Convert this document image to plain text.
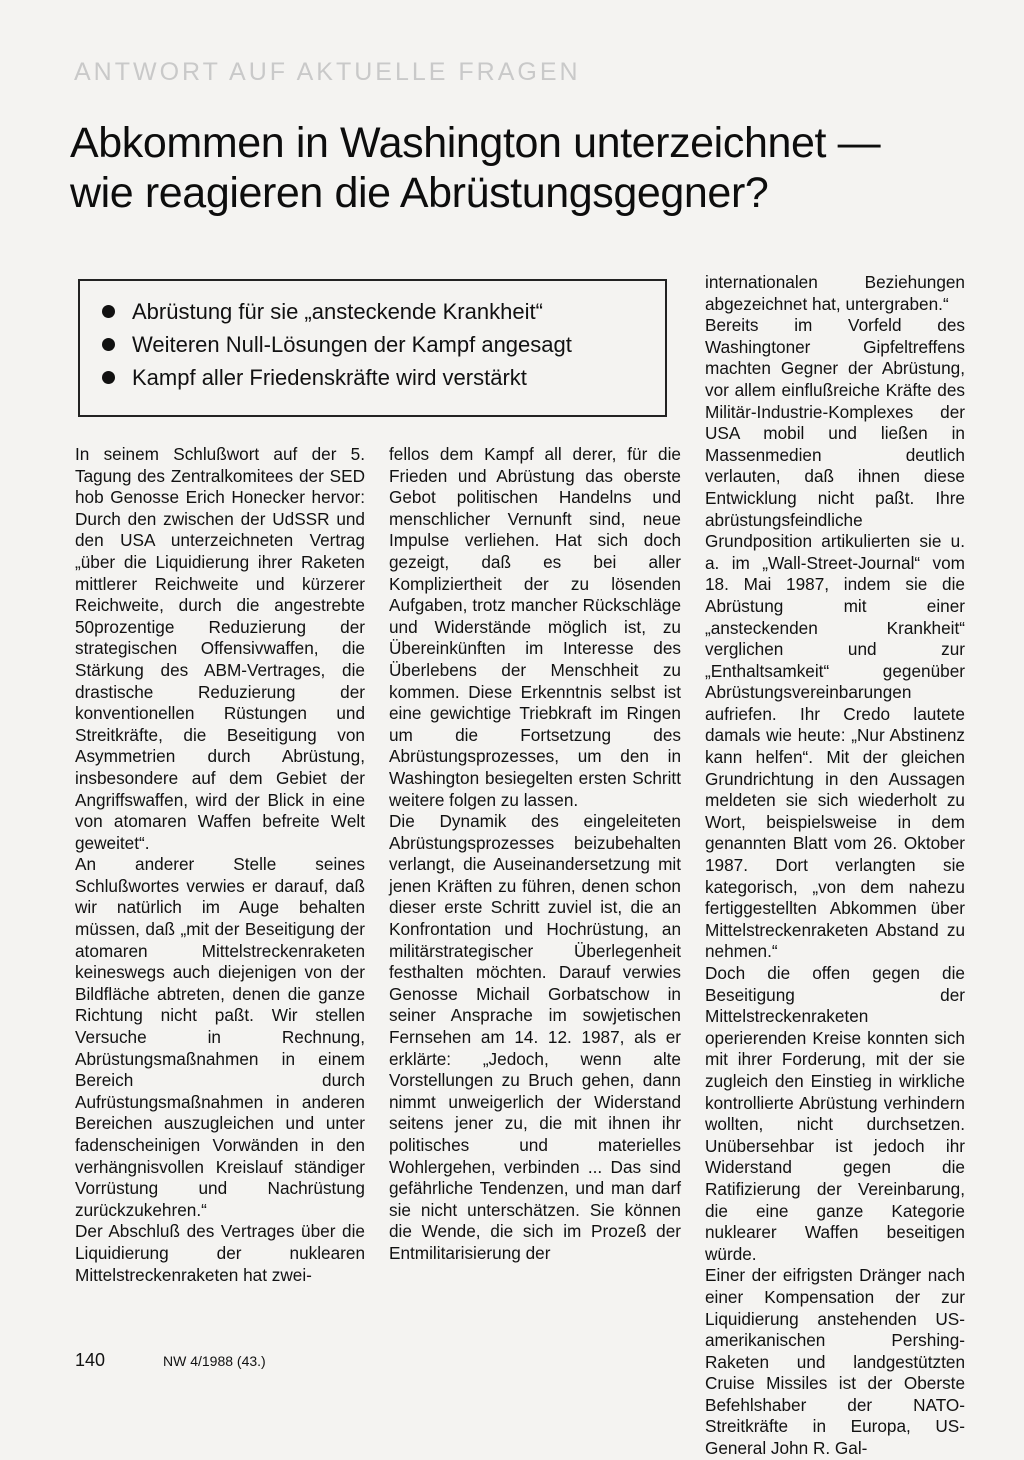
ANTWORT AUF AKTUELLE FRAGEN
Abkommen in Washington unterzeichnet —
wie reagieren die Abrüstungsgegner?
Abrüstung für sie „ansteckende Krankheit“
Weiteren Null-Lösungen der Kampf angesagt
Kampf aller Friedenskräfte wird verstärkt

In seinem Schlußwort auf der 5. Tagung des Zentralkomitees der SED hob Genosse Erich Honecker hervor: Durch den zwischen der UdSSR und den USA unterzeichneten Vertrag „über die Liquidierung ihrer Raketen mittlerer Reichweite und kürzerer Reichweite, durch die angestrebte 50prozentige Reduzierung der strategischen Offensivwaffen, die Stärkung des ABM-Vertrages, die drastische Reduzierung der konventionellen Rüstungen und Streitkräfte, die Beseitigung von Asymmetrien durch Abrüstung, insbesondere auf dem Gebiet der Angriffswaffen, wird der Blick in eine von atomaren Waffen befreite Welt geweitet“.

An anderer Stelle seines Schlußwortes verwies er darauf, daß wir natürlich im Auge behalten müssen, daß „mit der Beseitigung der atomaren Mittelstreckenraketen keineswegs auch diejenigen von der Bildfläche abtreten, denen die ganze Richtung nicht paßt. Wir stellen Versuche in Rechnung, Abrüstungsmaßnahmen in einem Bereich durch Aufrüstungsmaßnahmen in anderen Bereichen auszugleichen und unter fadenscheinigen Vorwänden in den verhängnisvollen Kreislauf ständiger Vorrüstung und Nachrüstung zurückzukehren.“

Der Abschluß des Vertrages über die Liquidierung der nuklearen Mittelstreckenraketen hat zwei-

fellos dem Kampf all derer, für die Frieden und Abrüstung das oberste Gebot politischen Handelns und menschlicher Vernunft sind, neue Impulse verliehen. Hat sich doch gezeigt, daß es bei aller Kompliziertheit der zu lösenden Aufgaben, trotz mancher Rückschläge und Widerstände möglich ist, zu Übereinkünften im Interesse des Überlebens der Menschheit zu kommen. Diese Erkenntnis selbst ist eine gewichtige Triebkraft im Ringen um die Fortsetzung des Abrüstungsprozesses, um den in Washington besiegelten ersten Schritt weitere folgen zu lassen.

Die Dynamik des eingeleiteten Abrüstungsprozesses beizubehalten verlangt, die Auseinandersetzung mit jenen Kräften zu führen, denen schon dieser erste Schritt zuviel ist, die an Konfrontation und Hochrüstung, an militärstrategischer Überlegenheit festhalten möchten. Darauf verwies Genosse Michail Gorbatschow in seiner Ansprache im sowjetischen Fernsehen am 14. 12. 1987, als er erklärte: „Jedoch, wenn alte Vorstellungen zu Bruch gehen, dann nimmt unweigerlich der Widerstand seitens jener zu, die mit ihnen ihr politisches und materielles Wohlergehen, verbinden ... Das sind gefährliche Tendenzen, und man darf sie nicht unterschätzen. Sie können die Wende, die sich im Prozeß der Entmilitarisierung der

internationalen Beziehungen abgezeichnet hat, untergraben.“

Bereits im Vorfeld des Washingtoner Gipfeltreffens machten Gegner der Abrüstung, vor allem einflußreiche Kräfte des Militär-Industrie-Komplexes der USA mobil und ließen in Massenmedien deutlich verlauten, daß ihnen diese Entwicklung nicht paßt. Ihre abrüstungsfeindliche Grundposition artikulierten sie u. a. im „Wall-Street-Journal“ vom 18. Mai 1987, indem sie die Abrüstung mit einer „ansteckenden Krankheit“ verglichen und zur „Enthaltsamkeit“ gegenüber Abrüstungsvereinbarungen aufriefen. Ihr Credo lautete damals wie heute: „Nur Abstinenz kann helfen“. Mit der gleichen Grundrichtung in den Aussagen meldeten sie sich wiederholt zu Wort, beispielsweise in dem genannten Blatt vom 26. Oktober 1987. Dort verlangten sie kategorisch, „von dem nahezu fertiggestellten Abkommen über Mittelstreckenraketen Abstand zu nehmen.“

Doch die offen gegen die Beseitigung der Mittelstreckenraketen operierenden Kreise konnten sich mit ihrer Forderung, mit der sie zugleich den Einstieg in wirkliche kontrollierte Abrüstung verhindern wollten, nicht durchsetzen. Unübersehbar ist jedoch ihr Widerstand gegen die Ratifizierung der Vereinbarung, die eine ganze Kategorie nuklearer Waffen beseitigen würde.

Einer der eifrigsten Dränger nach einer Kompensation der zur Liquidierung anstehenden US-amerikanischen Pershing-Raketen und landgestützten Cruise Missiles ist der Oberste Befehlshaber der NATO-Streitkräfte in Europa, US-General John R. Gal-

140	NW 4/1988 (43.)
